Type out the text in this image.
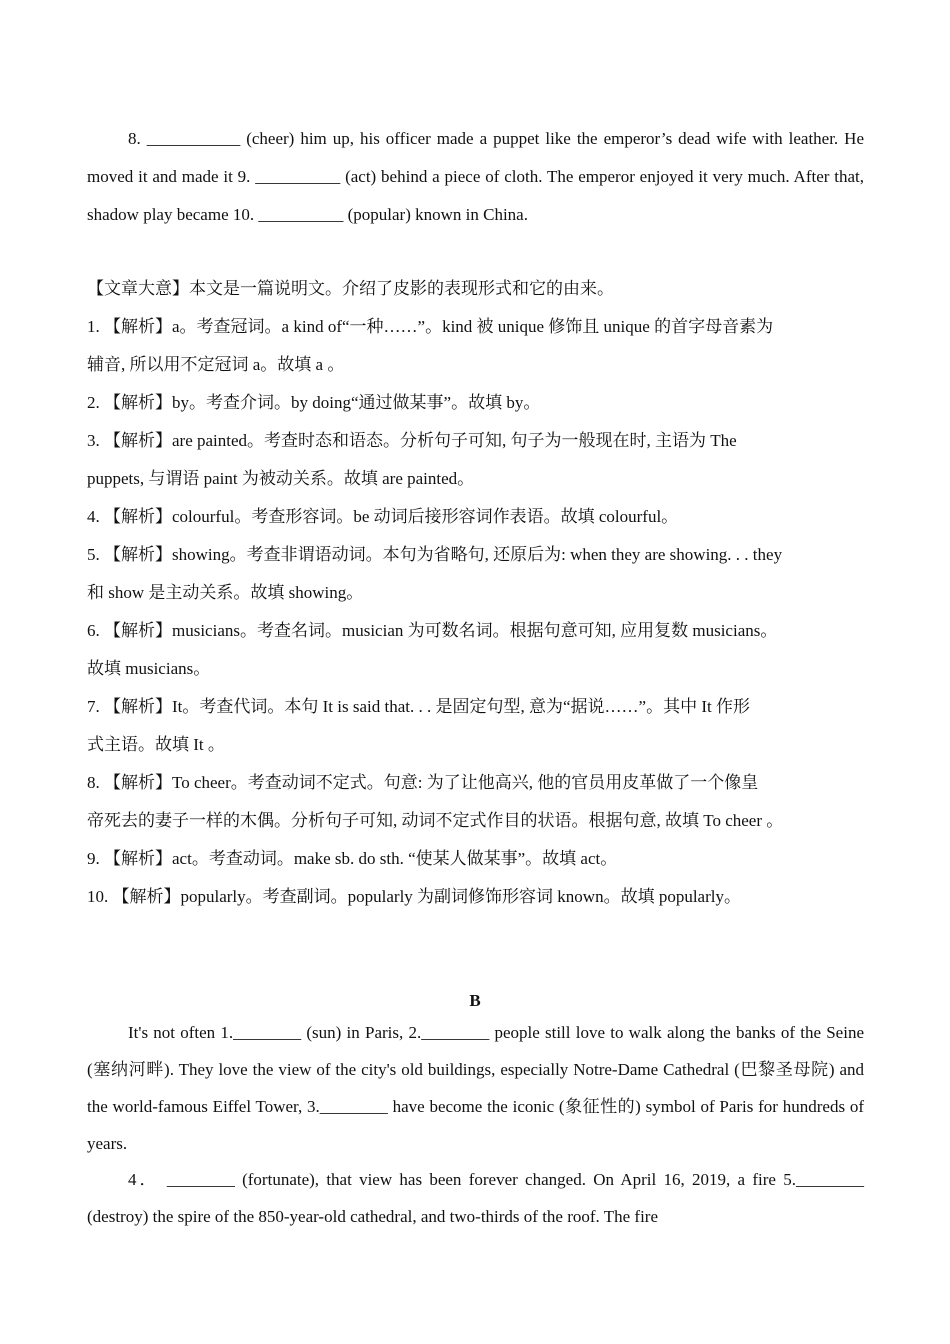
8. ___________ (cheer) him up, his officer made a puppet like the emperor’s dead wife with leather. He moved it and made it 9. __________ (act) behind a piece of cloth. The emperor enjoyed it very much. After that, shadow play became 10. __________ (popular) known in China.

【文章大意】本文是一篇说明文。介绍了皮影的表现形式和它的由来。
1. 【解析】a。考查冠词。a kind of“一种……”。kind 被 unique 修饰且 unique 的首字母音素为
辅音, 所以用不定冠词 a。故填 a 。
2. 【解析】by。考查介词。by doing“通过做某事”。故填 by。
3. 【解析】are painted。考查时态和语态。分析句子可知, 句子为一般现在时, 主语为 The
puppets, 与谓语 paint 为被动关系。故填 are painted。
4. 【解析】colourful。考查形容词。be 动词后接形容词作表语。故填 colourful。
5. 【解析】showing。考查非谓语动词。本句为省略句, 还原后为: when they are showing. . . they
和 show 是主动关系。故填 showing。
6. 【解析】musicians。考查名词。musician 为可数名词。根据句意可知, 应用复数 musicians。
故填 musicians。
7. 【解析】It。考查代词。本句 It is said that. . . 是固定句型, 意为“据说……”。其中 It 作形
式主语。故填 It 。
8. 【解析】To cheer。考查动词不定式。句意: 为了让他高兴, 他的官员用皮革做了一个像皇
帝死去的妻子一样的木偶。分析句子可知, 动词不定式作目的状语。根据句意, 故填 To cheer 。
9. 【解析】act。考查动词。make sb. do sth. “使某人做某事”。故填 act。
10. 【解析】popularly。考查副词。popularly 为副词修饰形容词 known。故填 popularly。
B

It's not often 1.________ (sun) in Paris, 2.________ people still love to walk along the banks of the Seine (塞纳河畔). They love the view of the city's old buildings, especially Notre-Dame Cathedral (巴黎圣母院) and the world-famous Eiffel Tower, 3.________ have become the iconic (象征性的) symbol of Paris for hundreds of years.

4． ________ (fortunate), that view has been forever changed. On April 16, 2019, a fire 5.________ (destroy) the spire of the 850-year-old cathedral, and two-thirds of the roof. The fire
